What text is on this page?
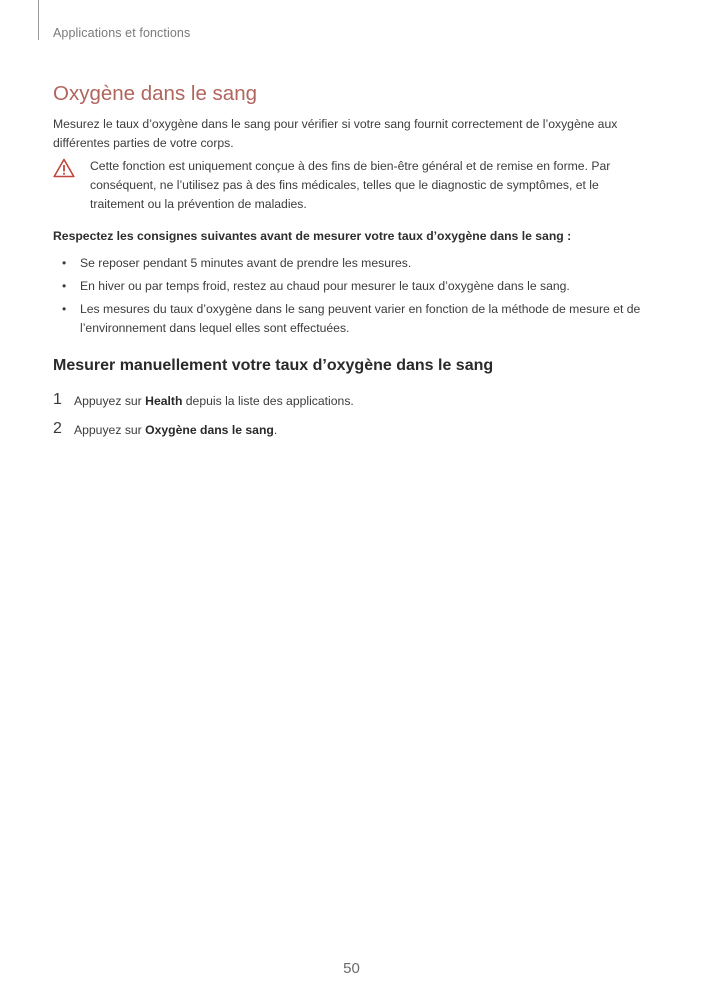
Applications et fonctions
Oxygène dans le sang

Mesurez le taux d’oxygène dans le sang pour vérifier si votre sang fournit correctement de l’oxygène aux différentes parties de votre corps.

Cette fonction est uniquement conçue à des fins de bien-être général et de remise en forme. Par conséquent, ne l’utilisez pas à des fins médicales, telles que le diagnostic de symptômes, et le traitement ou la prévention de maladies.

Respectez les consignes suivantes avant de mesurer votre taux d’oxygène dans le sang :

• Se reposer pendant 5 minutes avant de prendre les mesures.
• En hiver ou par temps froid, restez au chaud pour mesurer le taux d’oxygène dans le sang.
• Les mesures du taux d’oxygène dans le sang peuvent varier en fonction de la méthode de mesure et de l’environnement dans lequel elles sont effectuées.
Mesurer manuellement votre taux d’oxygène dans le sang
1 Appuyez sur Health depuis la liste des applications.
2 Appuyez sur Oxygène dans le sang.
50
